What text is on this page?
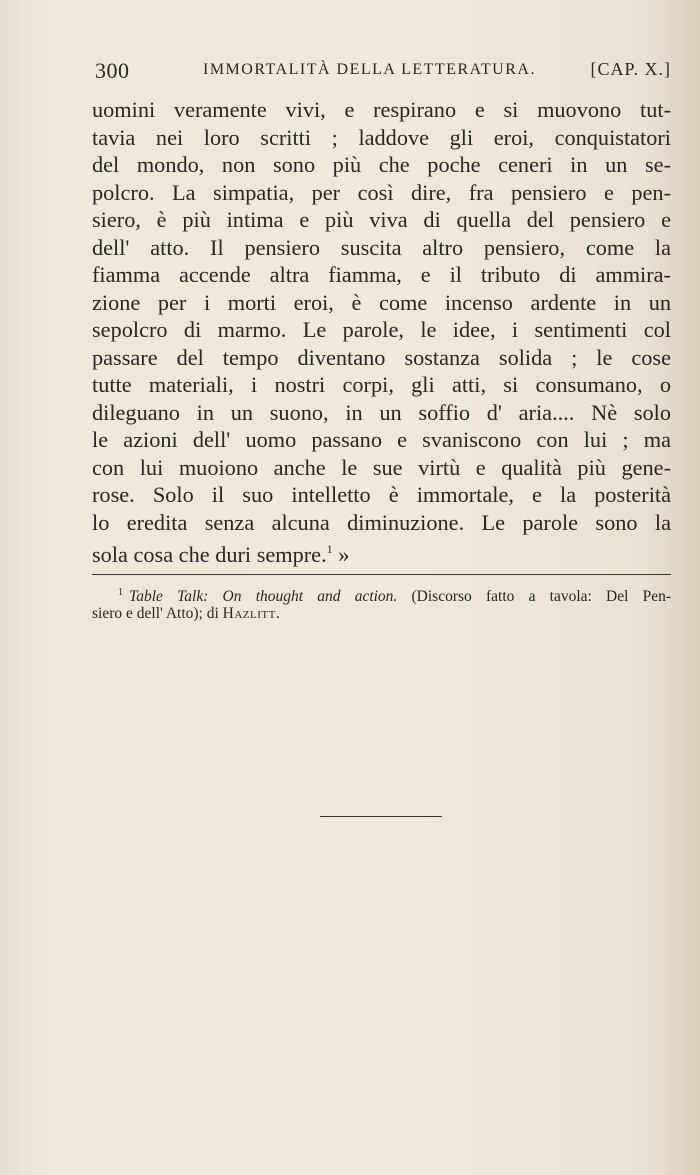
300	IMMORTALITÀ DELLA LETTERATURA.	[CAP. X.]
uomini veramente vivi, e respirano e si muovono tut-
tavia nei loro scritti ; laddove gli eroi, conquistatori
del mondo, non sono più che poche ceneri in un se-
polcro. La simpatia, per così dire, fra pensiero e pen-
siero, è più intima e più viva di quella del pensiero e
dell' atto. Il pensiero suscita altro pensiero, come la
fiamma accende altra fiamma, e il tributo di ammira-
zione per i morti eroi, è come incenso ardente in un
sepolcro di marmo. Le parole, le idee, i sentimenti col
passare del tempo diventano sostanza solida ; le cose
tutte materiali, i nostri corpi, gli atti, si consumano, o
dileguano in un suono, in un soffio d' aria.... Nè solo
le azioni dell' uomo passano e svaniscono con lui ; ma
con lui muoiono anche le sue virtù e qualità più gene-
rose. Solo il suo intelletto è immortale, e la posterità
lo eredita senza alcuna diminuzione. Le parole sono la
sola cosa che duri sempre.$^1$ »
$^1$ Table Talk: On thought and action. (Discorso fatto a tavola: Del Pen-
siero e dell' Atto); di Hazlitt.
